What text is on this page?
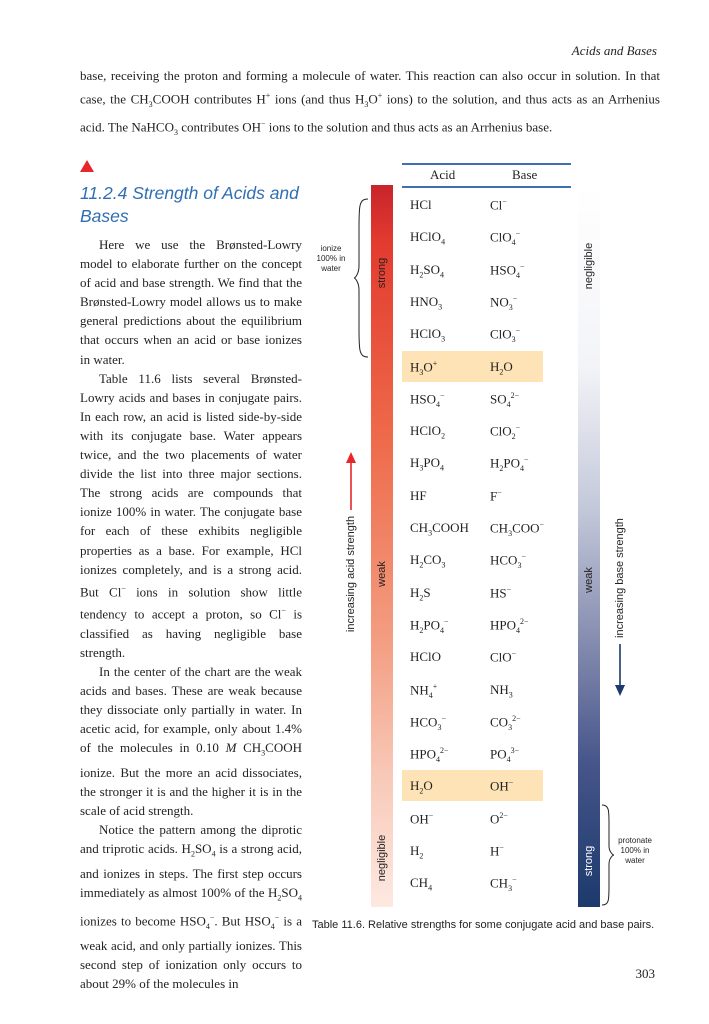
Acids and Bases
base, receiving the proton and forming a molecule of water. This reaction can also occur in solution. In that case, the $CH_3COOH$ contributes H+ ions (and thus $H_3O^+$ ions) to the solution, and thus acts as an Arrhenius acid. The NaHCO$_3$ contributes OH− ions to the solution and thus acts as an Arrhenius base.
11.2.4 Strength of Acids and Bases

Here we use the Brønsted-Lowry model to elaborate further on the concept of acid and base strength. We find that the Brønsted-Lowry model allows us to make general predictions about the equilibrium that occurs when an acid or base ionizes in water.

Table 11.6 lists several Brønsted-Lowry acids and bases in conjugate pairs. In each row, an acid is listed side-by-side with its conjugate base. Water appears twice, and the two placements of water divide the list into three major sections. The strong acids are compounds that ionize 100% in water. The conjugate base for each of these exhibits negligible properties as a base. For example, HCl ionizes completely, and is a strong acid. But Cl− ions in solution show little tendency to accept a proton, so Cl− is classified as having negligible base strength.

In the center of the chart are the weak acids and bases. These are weak because they dissociate only partially in water. In acetic acid, for example, only about 1.4% of the molecules in 0.10 M $CH_3COOH$ ionize. But the more an acid dissociates, the stronger it is and the higher it is in the scale of acid strength.

Notice the pattern among the diprotic and triprotic acids. $H_2SO_4$ is a strong acid, and ionizes in steps. The first step occurs immediately as almost 100% of the $H_2SO_4$ ionizes to become $HSO_4^-$. But $HSO_4^-$ is a weak acid, and only partially ionizes. This second step of ionization only occurs to about 29% of the molecules in

ionize 100% in water	strong
weak
negligible
increasing acid strength
Acid	Base
HCl	Cl−
HClO$_4$	ClO$_4$−
$H_2SO_4$	$HSO_4^-$
$HNO_3$	$NO_3^-$
HClO$_3$	ClO$_3$−
$H_3O^+$	$H_2O$
$HSO_4^-$	$SO_4^{2-}$
HClO$_2$	ClO$_2$−
$H_3PO_4$	$H_2PO_4^-$
HF	F−
$CH_3COOH$ $CH_3COO^-$
$H_2CO_3$	$HCO_3^-$
$H_2S$	HS−
$H_2PO_4^-$	$HPO_4^{2-}$
HClO	ClO−
$NH_4^+$	$NH_3$
$HCO_3^-$	$CO_3^{2-}$
$HPO_4^{2-}$	$PO_4^{3-}$
$H_2O$	OH−
OH−	$O^{2-}$
$H_2$	H−
$CH_4$	$CH_3^-$
negligible
weak
strong
increasing base strength
protonate 100% in water
Table 11.6. Relative strengths for some conjugate acid and base pairs.
303
